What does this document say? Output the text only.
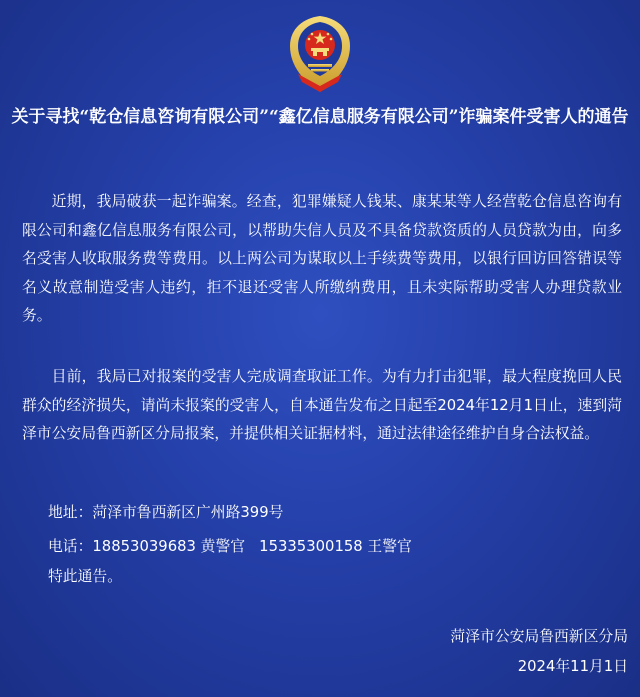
关于寻找“乾仓信息咨询有限公司”“鑫亿信息服务有限公司”诈骗案件受害人的通告

近期，我局破获一起诈骗案。经查，犯罪嫌疑人钱某、康某某等人经营乾仓信息咨询有限公司和鑫亿信息服务有限公司，以帮助失信人员及不具备贷款资质的人员贷款为由，向多名受害人收取服务费等费用。以上两公司为谋取以上手续费等费用，以银行回访回答错误等名义故意制造受害人违约，拒不退还受害人所缴纳费用，且未实际帮助受害人办理贷款业务。

目前，我局已对报案的受害人完成调查取证工作。为有力打击犯罪，最大程度挽回人民群众的经济损失，请尚未报案的受害人，自本通告发布之日起至2024年12月1日止，速到菏泽市公安局鲁西新区分局报案，并提供相关证据材料，通过法律途径维护自身合法权益。

地址：菏泽市鲁西新区广州路399号
电话：18853039683 黄警官   15335300158 王警官
特此通告。
菏泽市公安局鲁西新区分局
2024年11月1日
